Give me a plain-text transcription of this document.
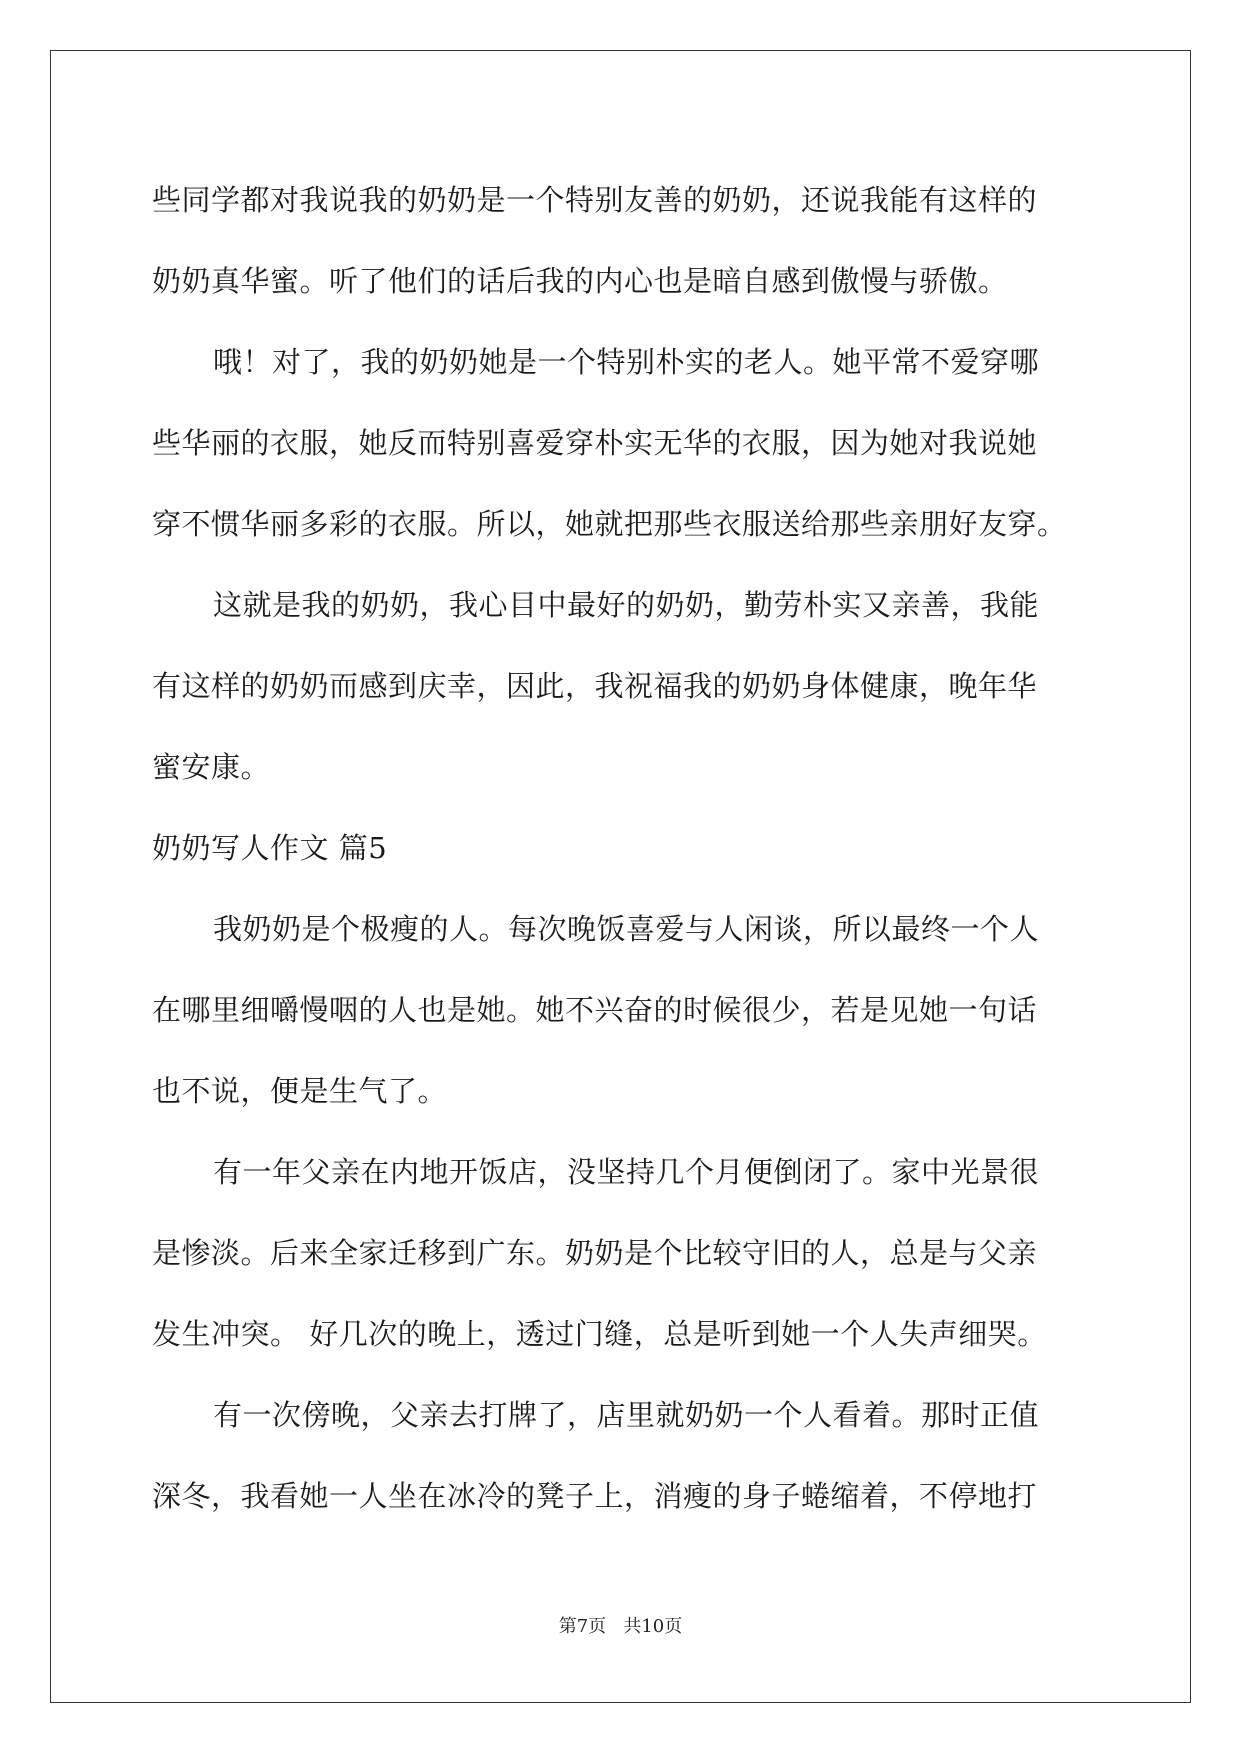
些同学都对我说我的奶奶是一个特别友善的奶奶，还说我能有这样的
奶奶真华蜜。听了他们的话后我的内心也是暗自感到傲慢与骄傲。
哦！对了，我的奶奶她是一个特别朴实的老人。她平常不爱穿哪
些华丽的衣服，她反而特别喜爱穿朴实无华的衣服，因为她对我说她
穿不惯华丽多彩的衣服。所以，她就把那些衣服送给那些亲朋好友穿。
这就是我的奶奶，我心目中最好的奶奶，勤劳朴实又亲善，我能
有这样的奶奶而感到庆幸，因此，我祝福我的奶奶身体健康，晚年华
蜜安康。
奶奶写人作文 篇5
我奶奶是个极瘦的人。每次晚饭喜爱与人闲谈，所以最终一个人
在哪里细嚼慢咽的人也是她。她不兴奋的时候很少，若是见她一句话
也不说，便是生气了。
有一年父亲在内地开饭店，没坚持几个月便倒闭了。家中光景很
是惨淡。后来全家迁移到广东。奶奶是个比较守旧的人，总是与父亲
发生冲突。 好几次的晚上，透过门缝，总是听到她一个人失声细哭。
有一次傍晚，父亲去打牌了，店里就奶奶一个人看着。那时正值
深冬，我看她一人坐在冰冷的凳子上，消瘦的身子蜷缩着，不停地打
第7页   共10页
